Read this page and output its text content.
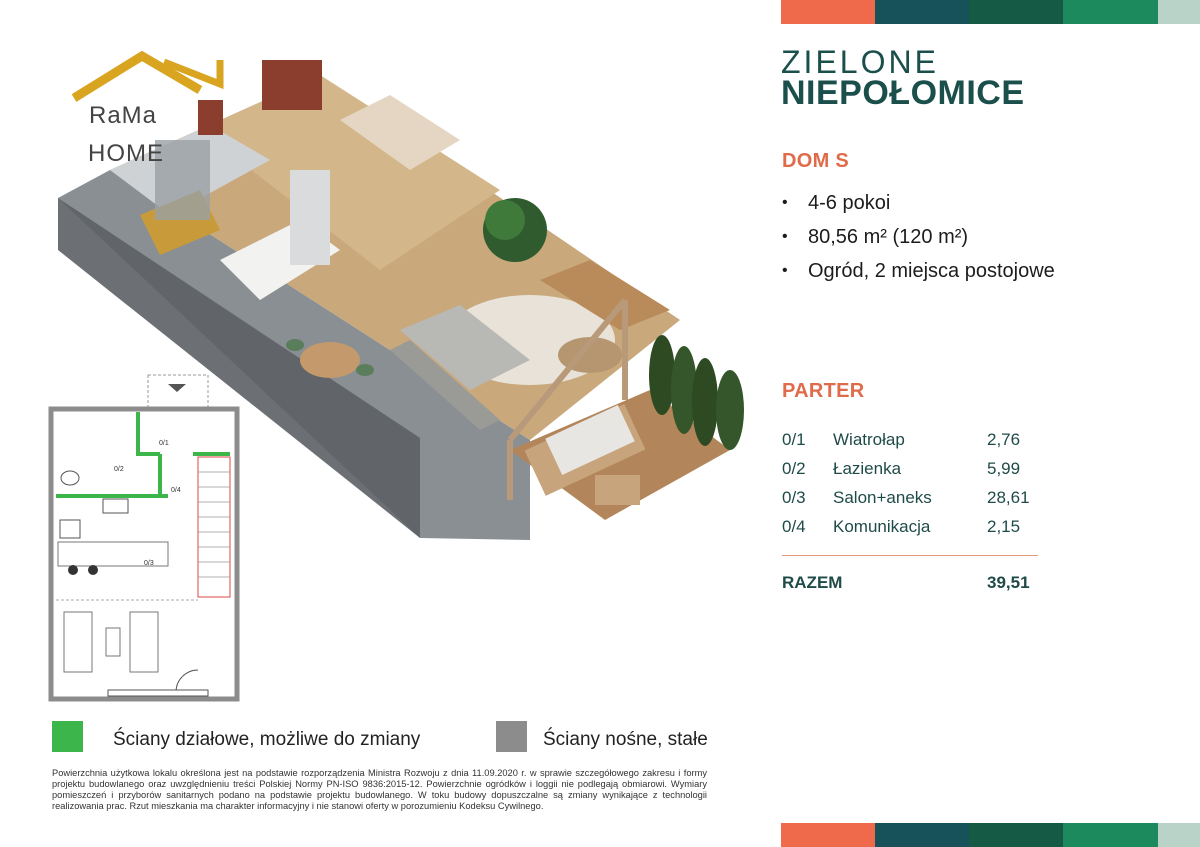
ZIELONE
NIEPOŁOMICE
DOM S
•	4-6 pokoi
•	80,56 m² (120 m²)
•	Ogród, 2 miejsca postojowe
PARTER
0/1	Wiatrołap	2,76
0/2	Łazienka	5,99
0/3	Salon+aneks	28,61
0/4	Komunikacja	2,15
RAZEM	39,51
RaMa
HOME
0/1
0/2
0/3
0/4
Ściany działowe, możliwe do zmiany	Ściany nośne, stałe
Powierzchnia użytkowa lokalu określona jest na podstawie rozporządzenia Ministra Rozwoju z dnia 11.09.2020 r. w sprawie szczegółowego zakresu i formy projektu budowlanego oraz uwzględnieniu treści Polskiej Normy PN-ISO 9836:2015-12. Powierzchnie ogródków i loggii nie podlegają obmiarowi. Wymiary pomieszczeń i przyborów sanitarnych podano na podstawie projektu budowlanego. W toku budowy dopuszczalne są zmiany wynikające z technologii realizowania prac. Rzut mieszkania ma charakter informacyjny i nie stanowi oferty w porozumieniu Kodeksu Cywilnego.
